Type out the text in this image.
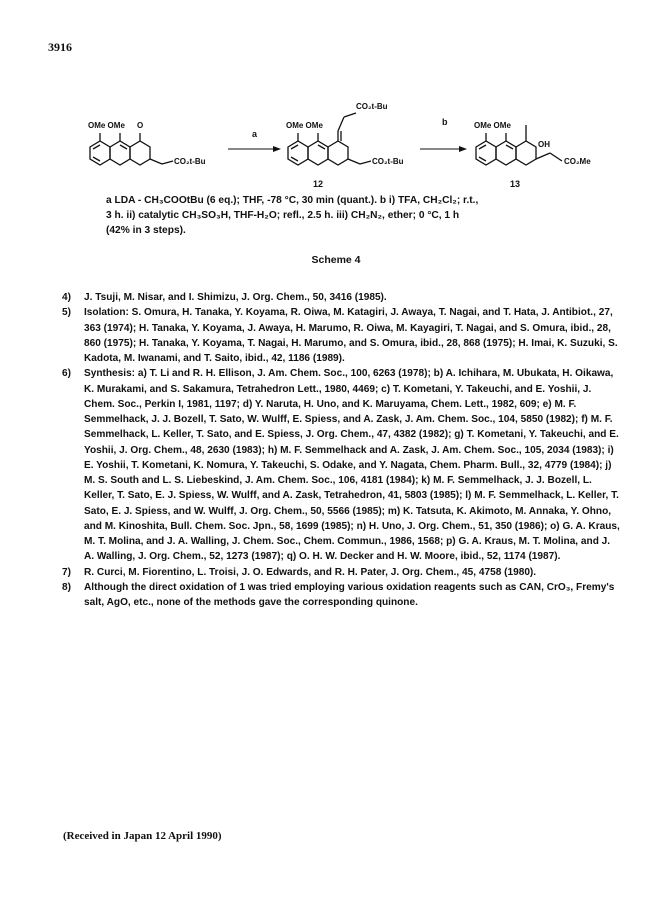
3916
OMe OMe O
CO₂t-Bu
a
OMe OMe
CO₂t-Bu
CO₂t-Bu
12
b	OMe OMe
OH
CO₂Me
13
a LDA - CH₃COOtBu (6 eq.); THF, -78 °C, 30 min (quant.). b i) TFA, CH₂Cl₂; r.t.,
3 h. ii) catalytic CH₃SO₃H, THF-H₂O; refl., 2.5 h. iii) CH₂N₂, ether; 0 °C, 1 h
(42% in 3 steps).
Scheme 4
4) J. Tsuji, M. Nisar, and I. Shimizu, J. Org. Chem., 50, 3416 (1985).
5) Isolation: S. Omura, H. Tanaka, Y. Koyama, R. Oiwa, M. Katagiri, J. Awaya, T. Nagai, and T. Hata, J. Antibiot., 27, 363 (1974); H. Tanaka, Y. Koyama, J. Awaya, H. Marumo, R. Oiwa, M. Kayagiri, T. Nagai, and S. Omura, ibid., 28, 860 (1975); H. Tanaka, Y. Koyama, T. Nagai, H. Marumo, and S. Omura, ibid., 28, 868 (1975); H. Imai, K. Suzuki, S. Kadota, M. Iwanami, and T. Saito, ibid., 42, 1186 (1989).
6) Synthesis: a) T. Li and R. H. Ellison, J. Am. Chem. Soc., 100, 6263 (1978); b) A. Ichihara, M. Ubukata, H. Oikawa, K. Murakami, and S. Sakamura, Tetrahedron Lett., 1980, 4469; c) T. Kometani, Y. Takeuchi, and E. Yoshii, J. Chem. Soc., Perkin I, 1981, 1197; d) Y. Naruta, H. Uno, and K. Maruyama, Chem. Lett., 1982, 609; e) M. F. Semmelhack, J. J. Bozell, T. Sato, W. Wulff, E. Spiess, and A. Zask, J. Am. Chem. Soc., 104, 5850 (1982); f) M. F. Semmelhack, L. Keller, T. Sato, and E. Spiess, J. Org. Chem., 47, 4382 (1982); g) T. Kometani, Y. Takeuchi, and E. Yoshii, J. Org. Chem., 48, 2630 (1983); h) M. F. Semmelhack and A. Zask, J. Am. Chem. Soc., 105, 2034 (1983); i) E. Yoshii, T. Kometani, K. Nomura, Y. Takeuchi, S. Odake, and Y. Nagata, Chem. Pharm. Bull., 32, 4779 (1984); j) M. S. South and L. S. Liebeskind, J. Am. Chem. Soc., 106, 4181 (1984); k) M. F. Semmelhack, J. J. Bozell, L. Keller, T. Sato, E. J. Spiess, W. Wulff, and A. Zask, Tetrahedron, 41, 5803 (1985); l) M. F. Semmelhack, L. Keller, T. Sato, E. J. Spiess, and W. Wulff, J. Org. Chem., 50, 5566 (1985); m) K. Tatsuta, K. Akimoto, M. Annaka, Y. Ohno, and M. Kinoshita, Bull. Chem. Soc. Jpn., 58, 1699 (1985); n) H. Uno, J. Org. Chem., 51, 350 (1986); o) G. A. Kraus, M. T. Molina, and J. A. Walling, J. Chem. Soc., Chem. Commun., 1986, 1568; p) G. A. Kraus, M. T. Molina, and J. A. Walling, J. Org. Chem., 52, 1273 (1987); q) O. H. W. Decker and H. W. Moore, ibid., 52, 1174 (1987).
7) R. Curci, M. Fiorentino, L. Troisi, J. O. Edwards, and R. H. Pater, J. Org. Chem., 45, 4758 (1980).
8) Although the direct oxidation of 1 was tried employing various oxidation reagents such as CAN, CrO₃, Fremy's salt, AgO, etc., none of the methods gave the corresponding quinone.
(Received in Japan 12 April 1990)
